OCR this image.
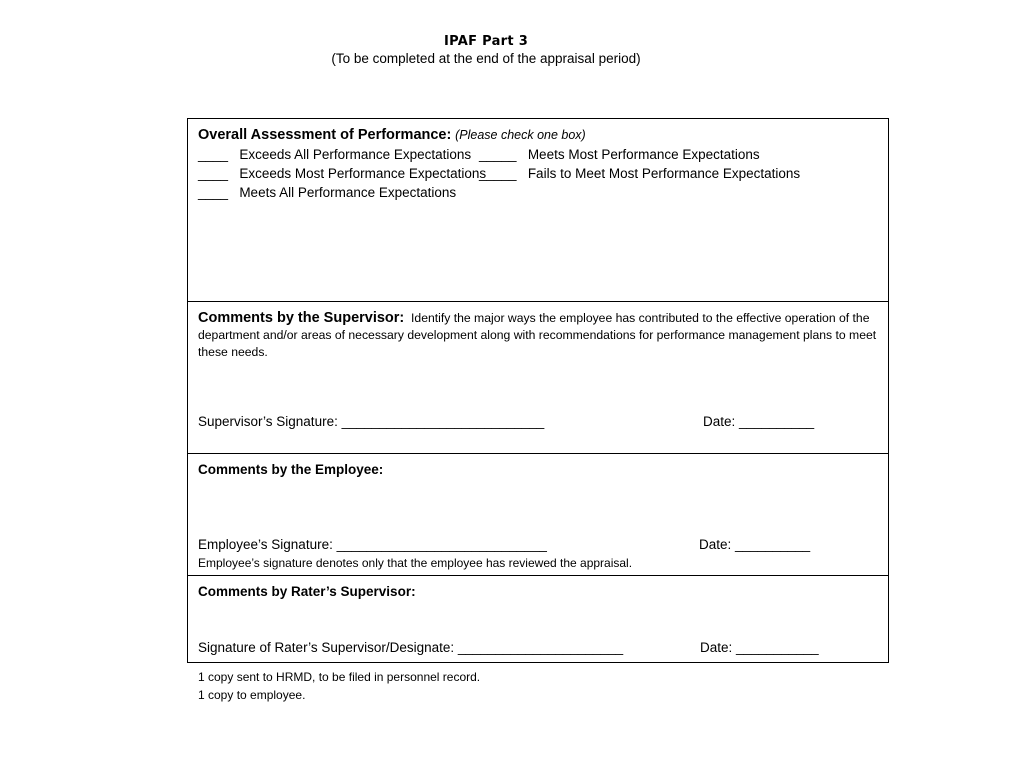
IPAF Part 3
(To be completed at the end of the appraisal period)
Overall Assessment of Performance: (Please check one box)
____ Exceeds All Performance Expectations _____ Meets Most Performance Expectations
____ Exceeds Most Performance Expectations
_____ Fails to Meet Most Performance Expectations
____ Meets All Performance Expectations
Comments by the Supervisor: Identify the major ways the employee has contributed to the effective operation of the department and/or areas of necessary development along with recommendations for performance management plans to meet these needs.
Supervisor’s Signature: ___________________________	Date: __________
Comments by the Employee:
Employee’s Signature: ____________________________	Date: __________
Employee’s signature denotes only that the employee has reviewed the appraisal.
Comments by Rater’s Supervisor:
Signature of Rater’s Supervisor/Designate: ______________________	Date: ___________
1 copy sent to HRMD, to be filed in personnel record.
1 copy to employee.
